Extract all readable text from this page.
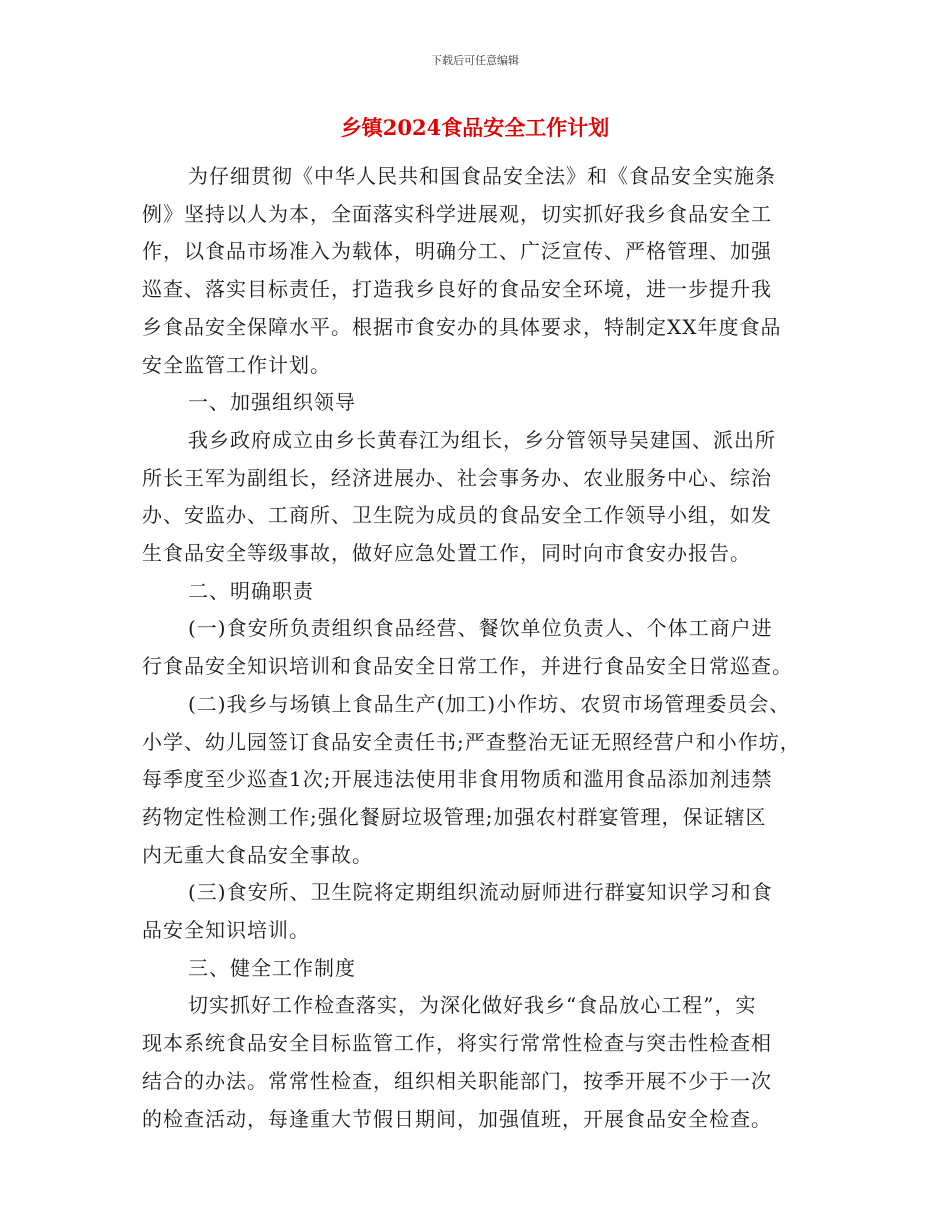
下载后可任意编辑
乡镇2024食品安全工作计划
为仔细贯彻《中华人民共和国食品安全法》和《食品安全实施条
例》坚持以人为本，全面落实科学进展观，切实抓好我乡食品安全工
作，以食品市场准入为载体，明确分工、广泛宣传、严格管理、加强
巡查、落实目标责任，打造我乡良好的食品安全环境，进一步提升我
乡食品安全保障水平。根据市食安办的具体要求，特制定XX年度食品
安全监管工作计划。
一、加强组织领导
我乡政府成立由乡长黄春江为组长，乡分管领导吴建国、派出所
所长王军为副组长，经济进展办、社会事务办、农业服务中心、综治
办、安监办、工商所、卫生院为成员的食品安全工作领导小组，如发
生食品安全等级事故，做好应急处置工作，同时向市食安办报告。
二、明确职责
(一)食安所负责组织食品经营、餐饮单位负责人、个体工商户进
行食品安全知识培训和食品安全日常工作，并进行食品安全日常巡查。
(二)我乡与场镇上食品生产(加工)小作坊、农贸市场管理委员会、
小学、幼儿园签订食品安全责任书;严查整治无证无照经营户和小作坊，
每季度至少巡查1次;开展违法使用非食用物质和滥用食品添加剂违禁
药物定性检测工作;强化餐厨垃圾管理;加强农村群宴管理，保证辖区
内无重大食品安全事故。
(三)食安所、卫生院将定期组织流动厨师进行群宴知识学习和食
品安全知识培训。
三、健全工作制度
切实抓好工作检查落实，为深化做好我乡“食品放心工程”，实
现本系统食品安全目标监管工作，将实行常常性检查与突击性检查相
结合的办法。常常性检查，组织相关职能部门，按季开展不少于一次
的检查活动，每逢重大节假日期间，加强值班，开展食品安全检查。
